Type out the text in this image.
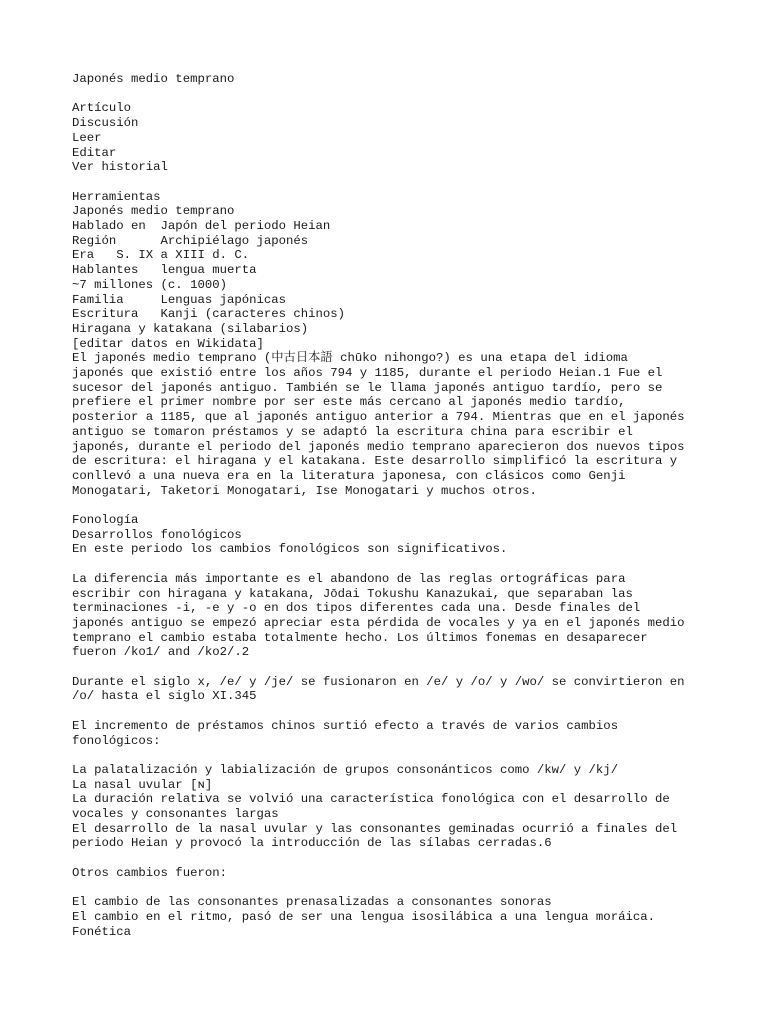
Japonés medio temprano
Artículo
Discusión
Leer
Editar
Ver historial
Herramientas
Japonés medio temprano
Hablado en  Japón del periodo Heian
Región      Archipiélago japonés
Era   S. IX a XIII d. C.
Hablantes   lengua muerta
~7 millones (c. 1000)
Familia     Lenguas japónicas
Escritura   Kanji (caracteres chinos)
Hiragana y katakana (silabarios)
[editar datos en Wikidata]
El japonés medio temprano (中古日本語 chūko nihongo?) es una etapa del idioma
japonés que existió entre los años 794 y 1185, durante el periodo Heian.1 Fue el
sucesor del japonés antiguo. También se le llama japonés antiguo tardío, pero se
prefiere el primer nombre por ser este más cercano al japonés medio tardío,
posterior a 1185, que al japonés antiguo anterior a 794. Mientras que en el japonés
antiguo se tomaron préstamos y se adaptó la escritura china para escribir el
japonés, durante el periodo del japonés medio temprano aparecieron dos nuevos tipos
de escritura: el hiragana y el katakana. Este desarrollo simplificó la escritura y
conllevó a una nueva era en la literatura japonesa, con clásicos como Genji
Monogatari, Taketori Monogatari, Ise Monogatari y muchos otros.
Fonología
Desarrollos fonológicos
En este periodo los cambios fonológicos son significativos.
La diferencia más importante es el abandono de las reglas ortográficas para
escribir con hiragana y katakana, Jōdai Tokushu Kanazukai, que separaban las
terminaciones -i, -e y -o en dos tipos diferentes cada una. Desde finales del
japonés antiguo se empezó apreciar esta pérdida de vocales y ya en el japonés medio
temprano el cambio estaba totalmente hecho. Los últimos fonemas en desaparecer
fueron /ko1/ and /ko2/.2
Durante el siglo x, /e/ y /je/ se fusionaron en /e/ y /o/ y /wo/ se convirtieron en
/o/ hasta el siglo XI.345
El incremento de préstamos chinos surtió efecto a través de varios cambios
fonológicos:
La palatalización y labialización de grupos consonánticos como /kw/ y /kj/
La nasal uvular [ɴ]
La duración relativa se volvió una característica fonológica con el desarrollo de
vocales y consonantes largas
El desarrollo de la nasal uvular y las consonantes geminadas ocurrió a finales del
periodo Heian y provocó la introducción de las sílabas cerradas.6
Otros cambios fueron:
El cambio de las consonantes prenasalizadas a consonantes sonoras
El cambio en el ritmo, pasó de ser una lengua isosilábica a una lengua moráica.
Fonética
